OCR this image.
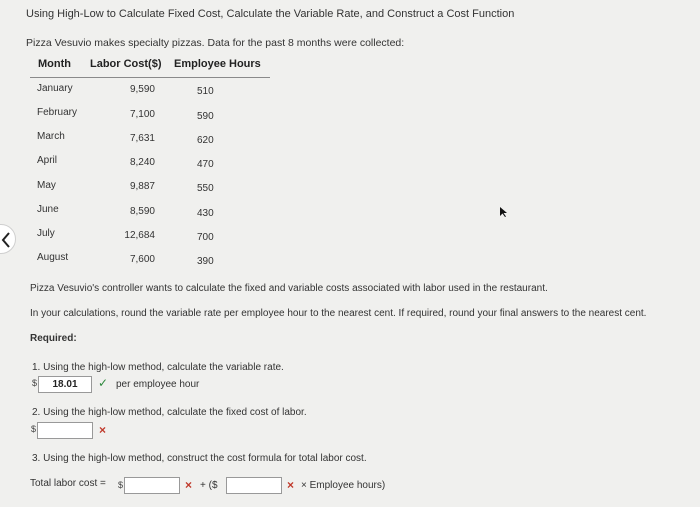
Using High-Low to Calculate Fixed Cost, Calculate the Variable Rate, and Construct a Cost Function
Pizza Vesuvio makes specialty pizzas. Data for the past 8 months were collected:
Month Labor Cost($) Employee Hours
January	9,590	510
February	7,100	590
March	7,631	620
April	8,240	470
May	9,887	550
June	8,590	430
July	12,684	700
August	7,600	390
Pizza Vesuvio's controller wants to calculate the fixed and variable costs associated with labor used in the restaurant.
In your calculations, round the variable rate per employee hour to the nearest cent. If required, round your final answers to the nearest cent.
Required:
1. Using the high-low method, calculate the variable rate.
$	18.01	✓ per employee hour
2. Using the high-low method, calculate the fixed cost of labor.
$	×
3. Using the high-low method, construct the cost formula for total labor cost.
Total labor cost = $	× + ($	× × Employee hours)
